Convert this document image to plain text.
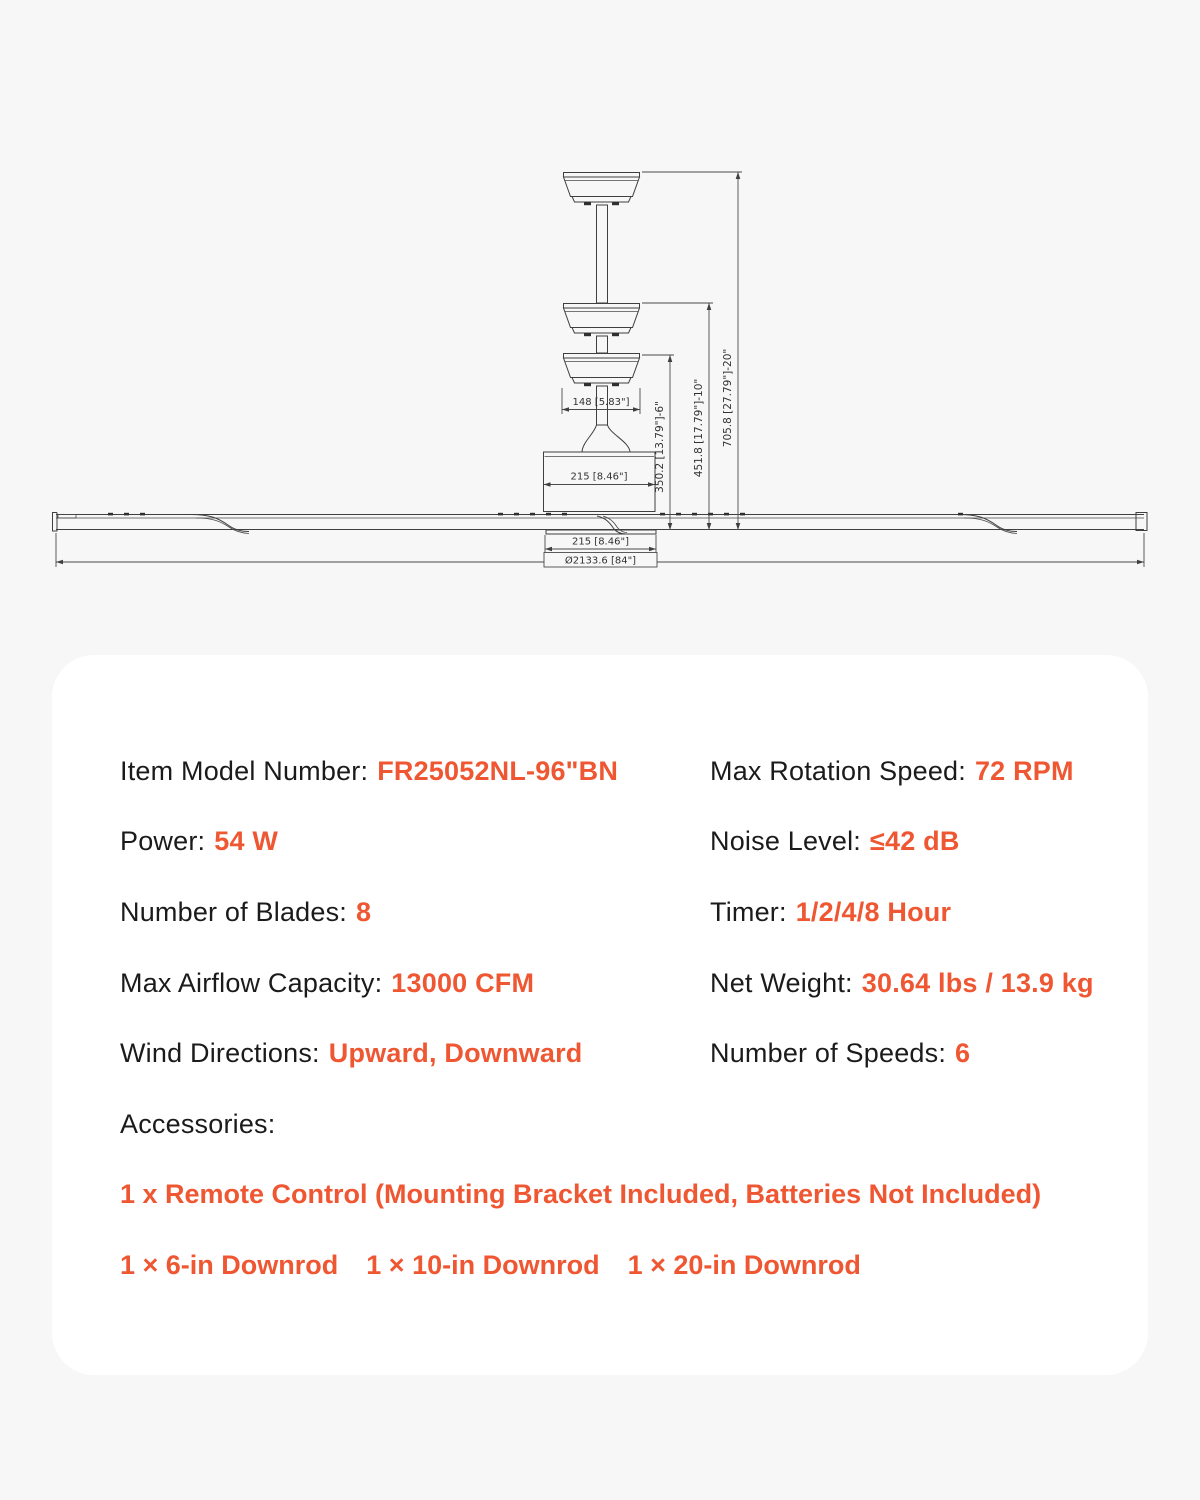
148 [5.83"]
215 [8.46"]
215 [8.46"]
Ø2133.6 [84"]
350.2 [13.79"]-6"	451.8 [17.79"]-10" 705.8 [27.79"]-20"
Item Model Number: FR25052NL-96"BN	Max Rotation Speed: 72 RPM
Power: 54 W	Noise Level: ≤42 dB
Number of Blades: 8	Timer: 1/2/4/8 Hour
Max Airflow Capacity: 13000 CFM	Net Weight: 30.64 lbs / 13.9 kg
Wind Directions: Upward, Downward	Number of Speeds: 6
Accessories:
1 x Remote Control (Mounting Bracket Included, Batteries Not Included)
1 × 6-in Downrod 1 × 10-in Downrod 1 × 20-in Downrod
